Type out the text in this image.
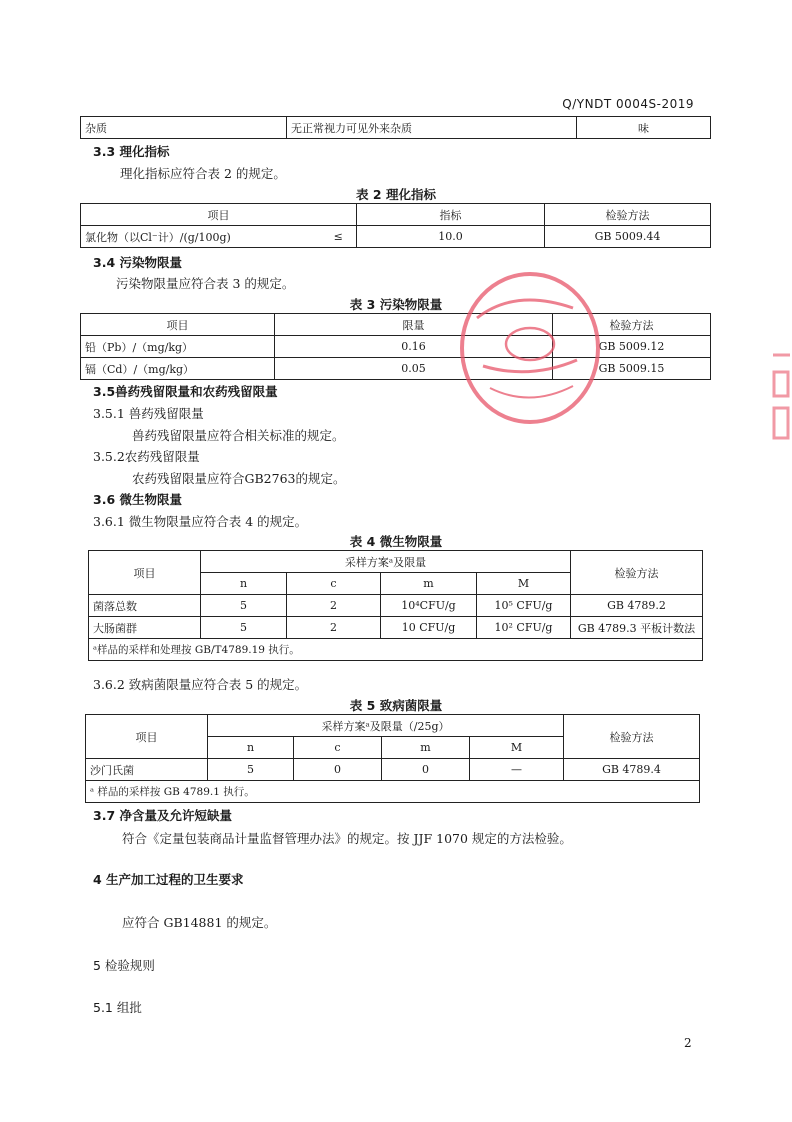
Q/YNDT 0004S-2019
杂质	无正常视力可见外来杂质	味
3.3 理化指标
理化指标应符合表 2 的规定。
表 2 理化指标
项目		指标	检验方法
氯化物（以Cl⁻计）/(g/100g)	≤	10.0	GB 5009.44
3.4 污染物限量
污染物限量应符合表 3 的规定。
表 3 污染物限量
项目	限量	检验方法
铅（Pb）/（mg/kg）	0.16	GB 5009.12
镉（Cd）/（mg/kg）	0.05	GB 5009.15
3.5兽药残留限量和农药残留限量
3.5.1 兽药残留限量
兽药残留限量应符合相关标准的规定。
3.5.2农药残留限量
农药残留限量应符合GB2763的规定。
3.6 微生物限量
3.6.1 微生物限量应符合表 4 的规定。
表 4 微生物限量
项目	采样方案ᵃ及限量				检验方法
	n	c	m	M	
菌落总数	5	2	10⁴CFU/g	10⁵ CFU/g	GB 4789.2
大肠菌群	5	2	10 CFU/g	10² CFU/g	GB 4789.3 平板计数法
ᵃ样品的采样和处理按 GB/T4789.19 执行。					
3.6.2 致病菌限量应符合表 5 的规定。
表 5 致病菌限量
项目	采样方案ᵃ及限量（/25g）				检验方法
	n	c	m	M	
沙门氏菌	5	0	0	—	GB 4789.4
ᵃ 样品的采样按 GB 4789.1 执行。					
3.7 净含量及允许短缺量
符合《定量包装商品计量监督管理办法》的规定。按 JJF 1070 规定的方法检验。
4 生产加工过程的卫生要求
应符合 GB14881 的规定。
5 检验规则
5.1 组批
2
